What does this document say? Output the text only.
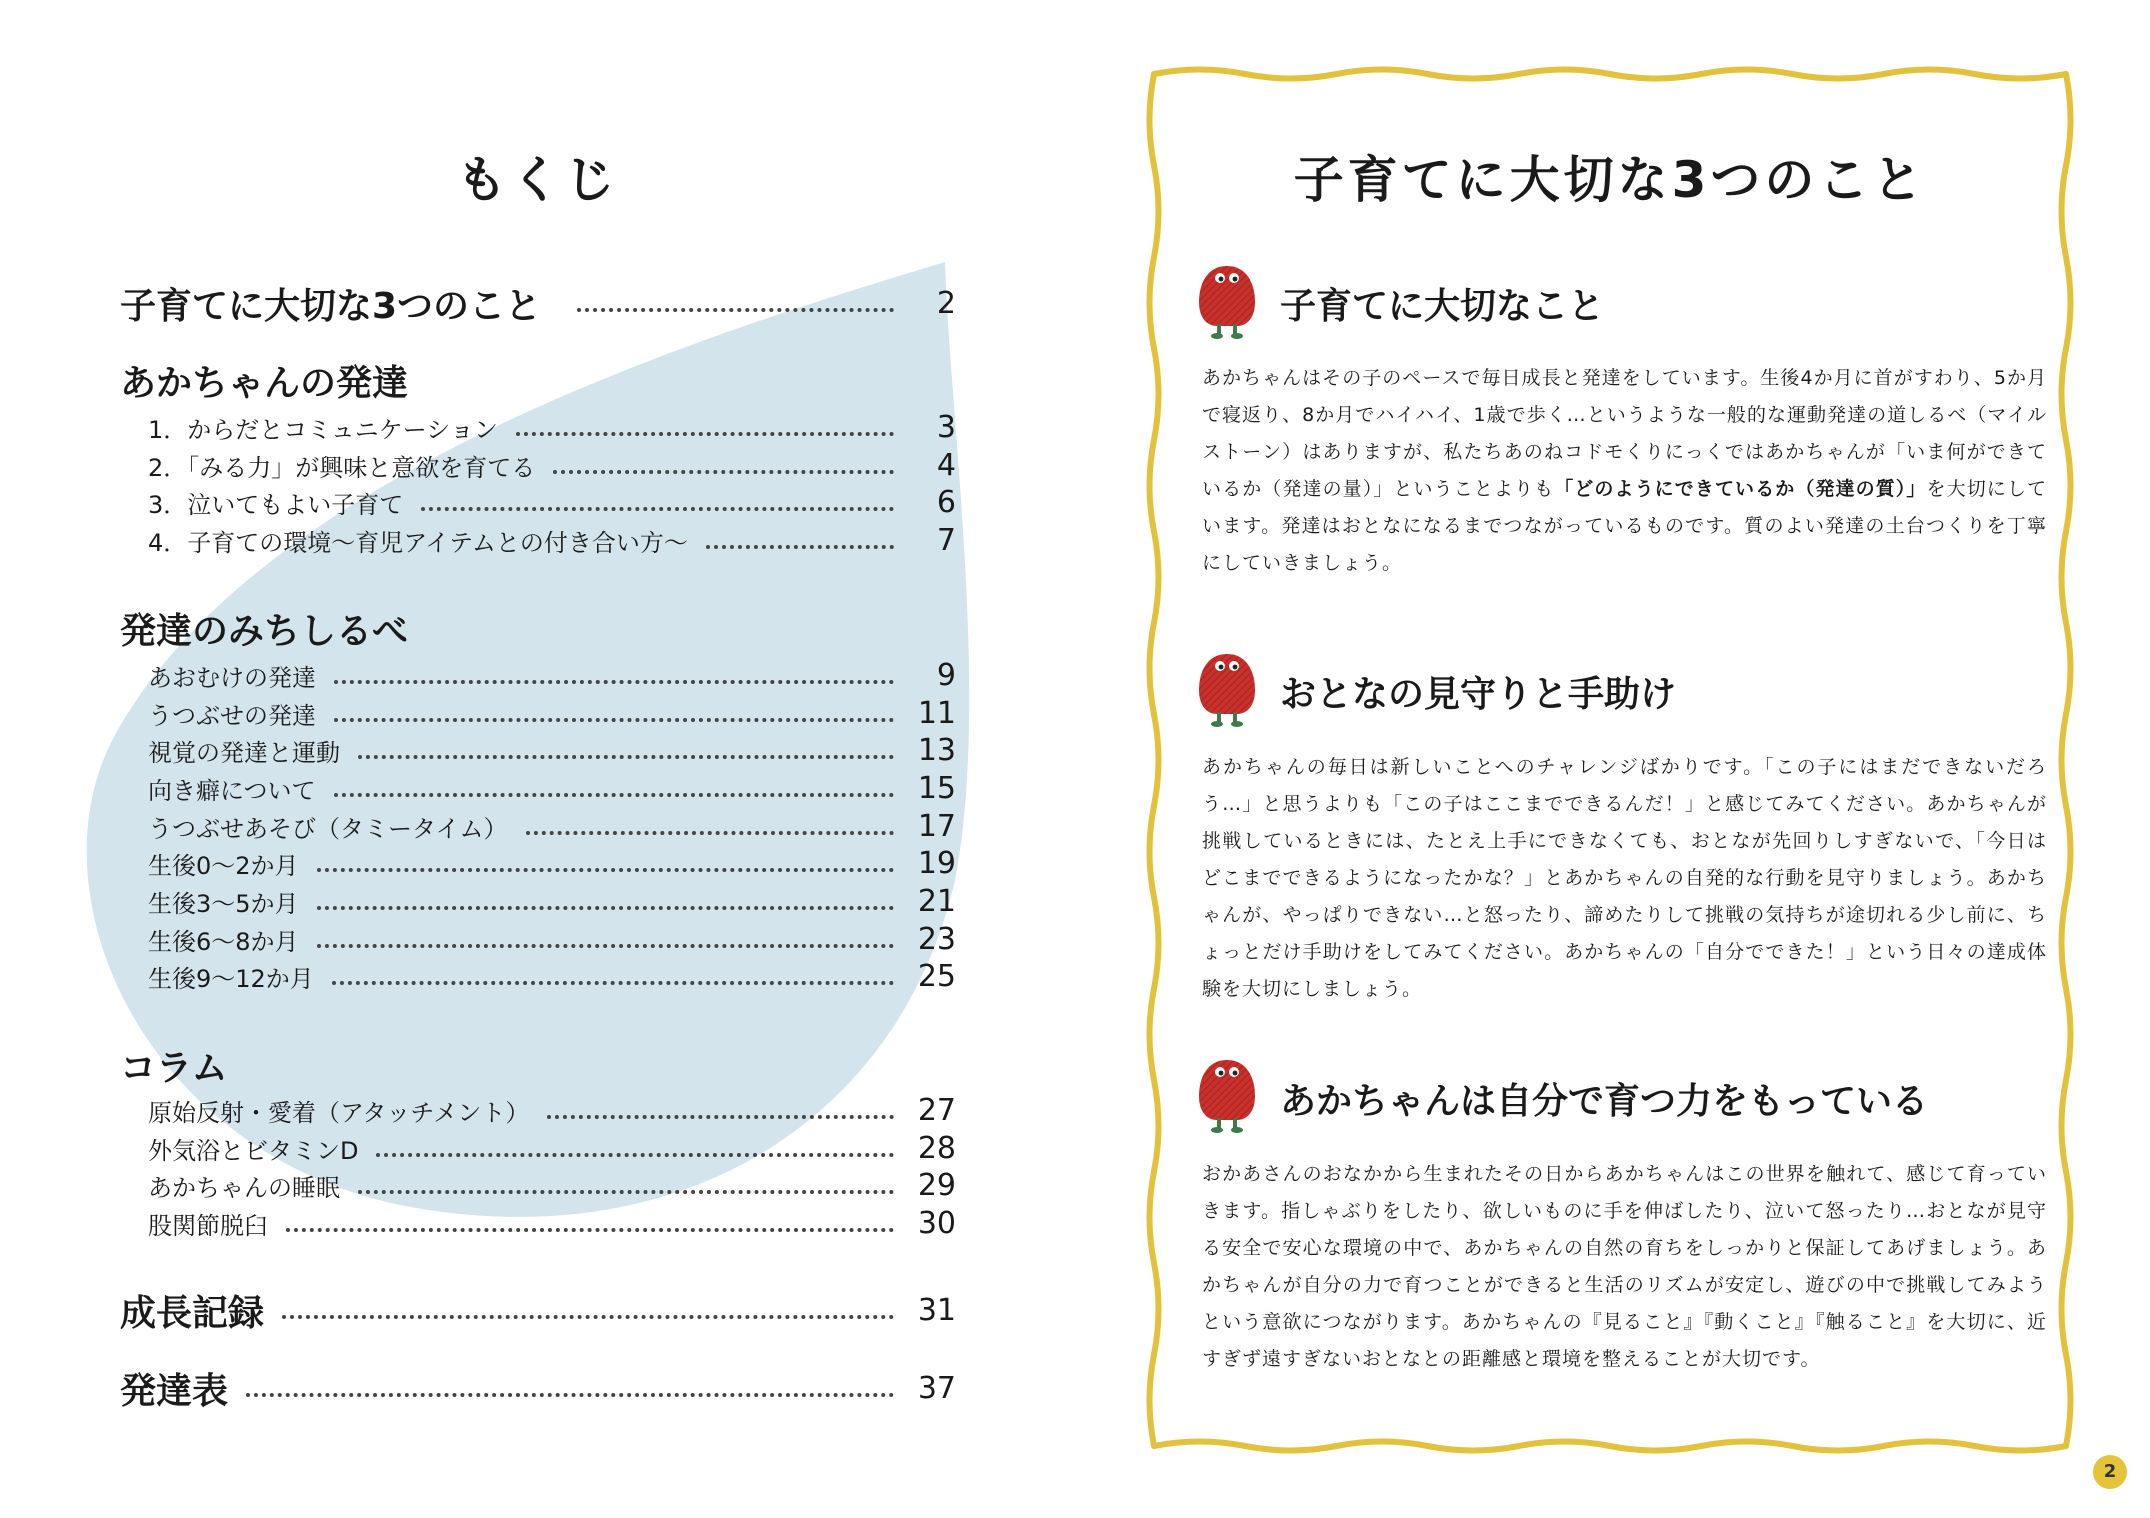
もくじ
子育てに大切な3つのこと	2
あかちゃんの発達
1．からだとコミュニケーション	3
2．「みる力」が興味と意欲を育てる	4
3．泣いてもよい子育て	6
4．子育ての環境〜育児アイテムとの付き合い方〜	7
発達のみちしるべ
あおむけの発達	9
うつぶせの発達	11
視覚の発達と運動	13
向き癖について	15
うつぶせあそび（タミータイム）	17
生後0〜2か月	19
生後3〜5か月	21
生後6〜8か月	23
生後9〜12か月	25
コラム
原始反射・愛着（アタッチメント）	27
外気浴とビタミンD	28
あかちゃんの睡眠	29
股関節脱臼	30
成長記録	31
発達表	37
子育てに大切な3つのこと
子育てに大切なこと
あかちゃんはその子のペースで毎日成長と発達をしています。生後4か月に首がすわり、5か月で寝返り、8か月でハイハイ、1歳で歩く…というような一般的な運動発達の道しるべ（マイルストーン）はありますが、私たちあのねコドモくりにっくではあかちゃんが「いま何ができているか（発達の量）」ということよりも「どのようにできているか（発達の質）」を大切にしています。発達はおとなになるまでつながっているものです。質のよい発達の土台つくりを丁寧にしていきましょう。
おとなの見守りと手助け
あかちゃんの毎日は新しいことへのチャレンジばかりです。「この子にはまだできないだろう…」と思うよりも「この子はここまでできるんだ！」と感じてみてください。あかちゃんが挑戦しているときには、たとえ上手にできなくても、おとなが先回りしすぎないで、「今日はどこまでできるようになったかな？」とあかちゃんの自発的な行動を見守りましょう。あかちゃんが、やっぱりできない…と怒ったり、諦めたりして挑戦の気持ちが途切れる少し前に、ちょっとだけ手助けをしてみてください。あかちゃんの「自分でできた！」という日々の達成体験を大切にしましょう。
あかちゃんは自分で育つ力をもっている
おかあさんのおなかから生まれたその日からあかちゃんはこの世界を触れて、感じて育っていきます。指しゃぶりをしたり、欲しいものに手を伸ばしたり、泣いて怒ったり…おとなが見守る安全で安心な環境の中で、あかちゃんの自然の育ちをしっかりと保証してあげましょう。あかちゃんが自分の力で育つことができると生活のリズムが安定し、遊びの中で挑戦してみようという意欲につながります。あかちゃんの『見ること』『動くこと』『触ること』を大切に、近すぎず遠すぎないおとなとの距離感と環境を整えることが大切です。
2
